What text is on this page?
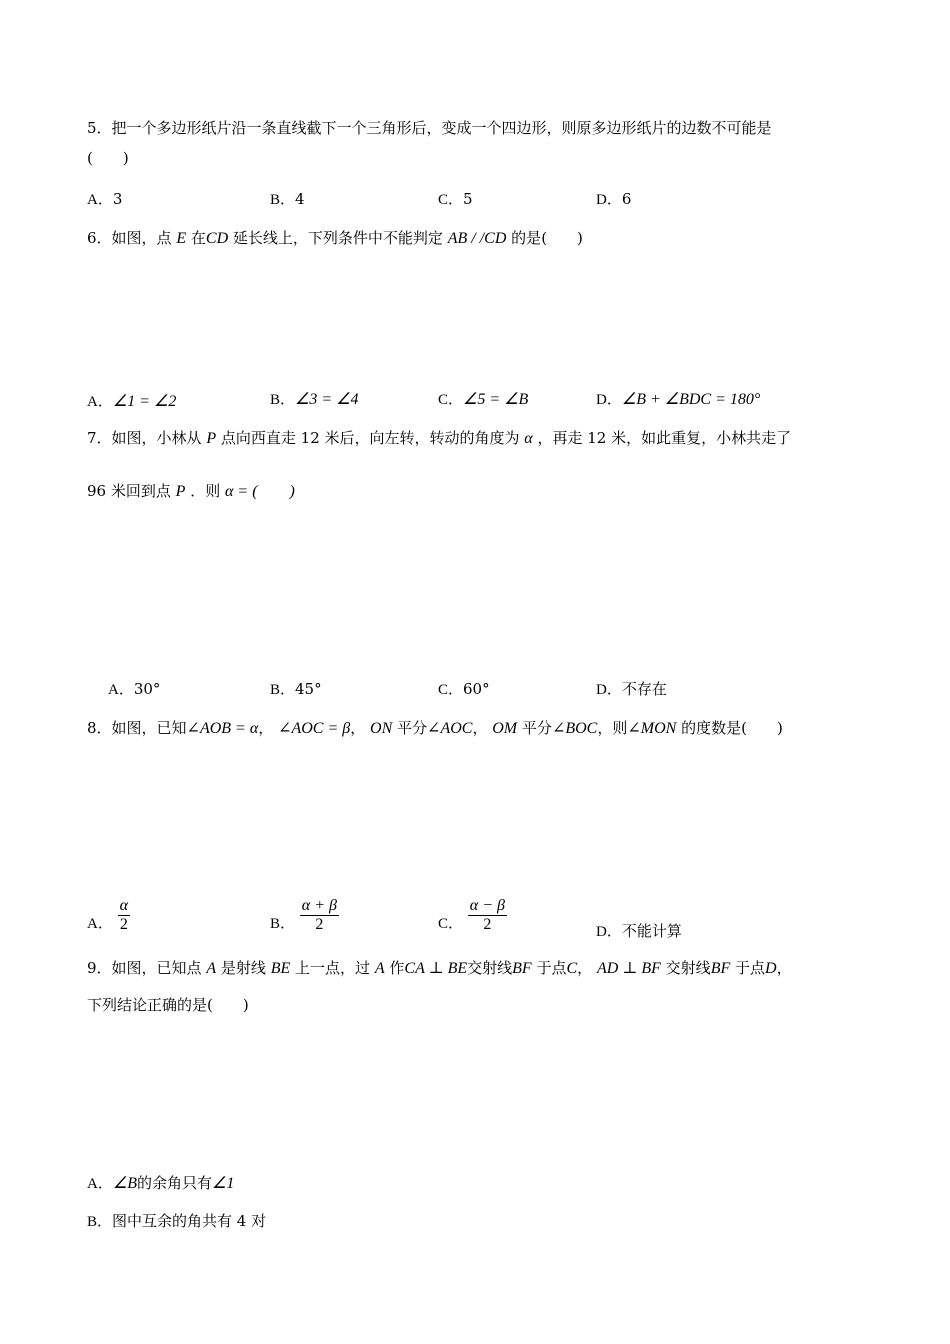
5．把一个多边形纸片沿一条直线截下一个三角形后，变成一个四边形，则原多边形纸片的边数不可能是
(　　)
A．3	B．4	C．5	D．6
6．如图，点 E 在CD 延长线上，下列条件中不能判定 AB / /CD 的是(　　)
A．∠1 = ∠2	B．∠3 = ∠4	C．∠5 = ∠B	D．∠B + ∠BDC = 180°
7．如图，小林从 P 点向西直走 12 米后，向左转，转动的角度为 α ，再走 12 米，如此重复，小林共走了
96 米回到点 P ．则 α = (　　)
A．30°	B．45°	C．60°	D．不存在
8．如图，已知∠AOB = α， ∠AOC = β， ON 平分∠AOC， OM 平分∠BOC，则∠MON 的度数是(　　)
A． $\frac{\alpha}{2}$	B． $\frac{\alpha + \beta}{2}$	C． $\frac{\alpha - \beta}{2}$	D．不能计算
9．如图，已知点 A 是射线 BE 上一点，过 A 作CA ⊥ BE交射线BF 于点C， AD ⊥ BF 交射线BF 于点D，
下列结论正确的是(　　)
A．∠B的余角只有∠1
B．图中互余的角共有 4 对
